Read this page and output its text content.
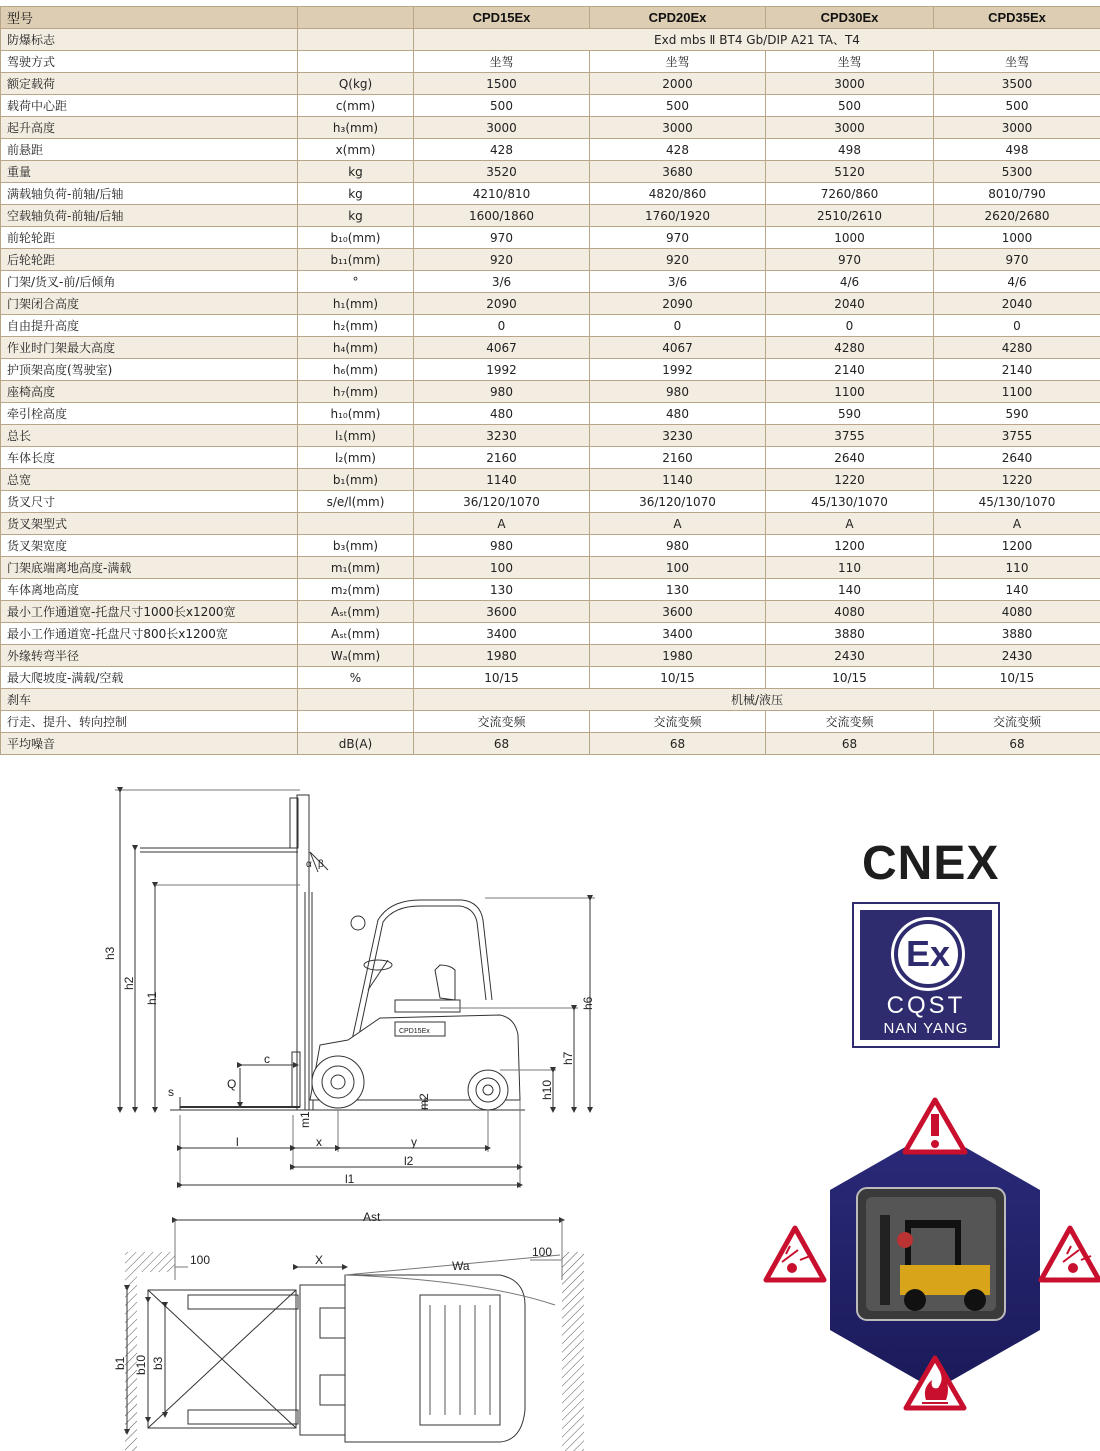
型号		CPD15Ex	CPD20Ex	CPD30Ex	CPD35Ex
防爆标志		Exd mbs Ⅱ BT4 Gb/DIP A21 TA、T4			
驾驶方式		坐驾	坐驾	坐驾	坐驾
额定载荷	Q(kg)	1500	2000	3000	3500
载荷中心距	c(mm)	500	500	500	500
起升高度	h₃(mm)	3000	3000	3000	3000
前悬距	x(mm)	428	428	498	498
重量	kg	3520	3680	5120	5300
满载轴负荷-前轴/后轴	kg	4210/810	4820/860	7260/860	8010/790
空载轴负荷-前轴/后轴	kg	1600/1860	1760/1920	2510/2610	2620/2680
前轮轮距	b₁₀(mm)	970	970	1000	1000
后轮轮距	b₁₁(mm)	920	920	970	970
门架/货叉-前/后倾角	°	3/6	3/6	4/6	4/6
门架闭合高度	h₁(mm)	2090	2090	2040	2040
自由提升高度	h₂(mm)	0	0	0	0
作业时门架最大高度	h₄(mm)	4067	4067	4280	4280
护顶架高度(驾驶室)	h₆(mm)	1992	1992	2140	2140
座椅高度	h₇(mm)	980	980	1100	1100
牵引栓高度	h₁₀(mm)	480	480	590	590
总长	l₁(mm)	3230	3230	3755	3755
车体长度	l₂(mm)	2160	2160	2640	2640
总宽	b₁(mm)	1140	1140	1220	1220
货叉尺寸	s/e/l(mm)	36/120/1070	36/120/1070	45/130/1070	45/130/1070
货叉架型式		A	A	A	A
货叉架宽度	b₃(mm)	980	980	1200	1200
门架底端离地高度-满载	m₁(mm)	100	100	110	110
车体离地高度	m₂(mm)	130	130	140	140
最小工作通道宽-托盘尺寸1000长x1200宽	Aₛₜ(mm)	3600	3600	4080	4080
最小工作通道宽-托盘尺寸800长x1200宽	Aₛₜ(mm)	3400	3400	3880	3880
外缘转弯半径	Wₐ(mm)	1980	1980	2430	2430
最大爬坡度-满载/空载	%	10/15	10/15	10/15	10/15
刹车		机械/液压			
行走、提升、转向控制		交流变频	交流变频	交流变频	交流变频
平均噪音	dB(A)	68	68	68	68
h3
h2
h1	h6
h7
h10
m1
m2
c
Q
s
l	x	y
l2
l1
α β
CPD15Ex
Ast
100	X	Wa
100
b1 b10 b3
CNEX
Ex
CQST
NAN YANG
